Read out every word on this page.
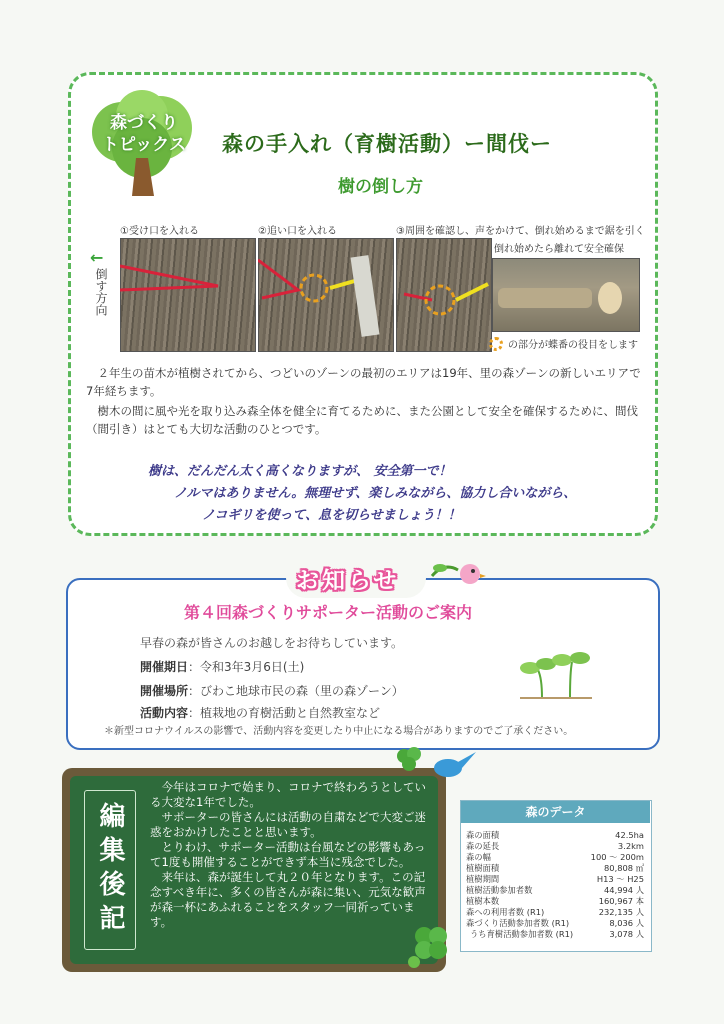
森づくり
トピックス 森の手入れ（育樹活動）ー間伐ー
樹の倒し方
←
倒す方向
①受け口を入れる	②追い口を入れる	③周囲を確認し、声をかけて、倒れ始めるまで鋸を引く
倒れ始めたら離れて安全確保
の部分が蝶番の役目をします
２年生の苗木が植樹されてから、つどいのゾーンの最初のエリアは19年、里の森ゾーンの新しいエリアで7年経ちます。
樹木の間に風や光を取り込み森全体を健全に育てるために、また公園として安全を確保するために、間伐（間引き）はとても大切な活動のひとつです。
樹は、だんだん太く高くなりますが、 安全第一で！
ノルマはありません。無理せず、楽しみながら、協力し合いながら、
ノコギリを使って、息を切らせましょう！！
お知らせ
第４回森づくりサポーター活動のご案内
早春の森が皆さんのお越しをお待ちしています。
開催期日：令和3年3月6日(土)
開催場所：びわこ地球市民の森（里の森ゾーン）
活動内容：植栽地の育樹活動と自然教室など
＊新型コロナウイルスの影響で、活動内容を変更したり中止になる場合がありますのでご了承ください。
編集後記

今年はコロナで始まり、コロナで終わろうとしている大変な1年でした。

サポーターの皆さんには活動の自粛などで大変ご迷惑をおかけしたことと思います。

とりわけ、サポーター活動は台風などの影響もあって1度も開催することができず本当に残念でした。

来年は、森が誕生して丸２０年となります。この記念すべき年に、多くの皆さんが森に集い、元気な歓声が森一杯にあふれることをスタッフ一同祈っています。

森のデータ
森の面積	42.5ha
森の延長	3.2km
森の幅	100 ～ 200m
植樹面積	80,808 ㎡
植樹期間	H13 ～ H25
植樹活動参加者数	44,994 人
植樹本数	160,967 本
森への利用者数 (R1)	232,135 人
森づくり活動参加者数 (R1)	8,036 人
うち育樹活動参加者数 (R1)	3,078 人
